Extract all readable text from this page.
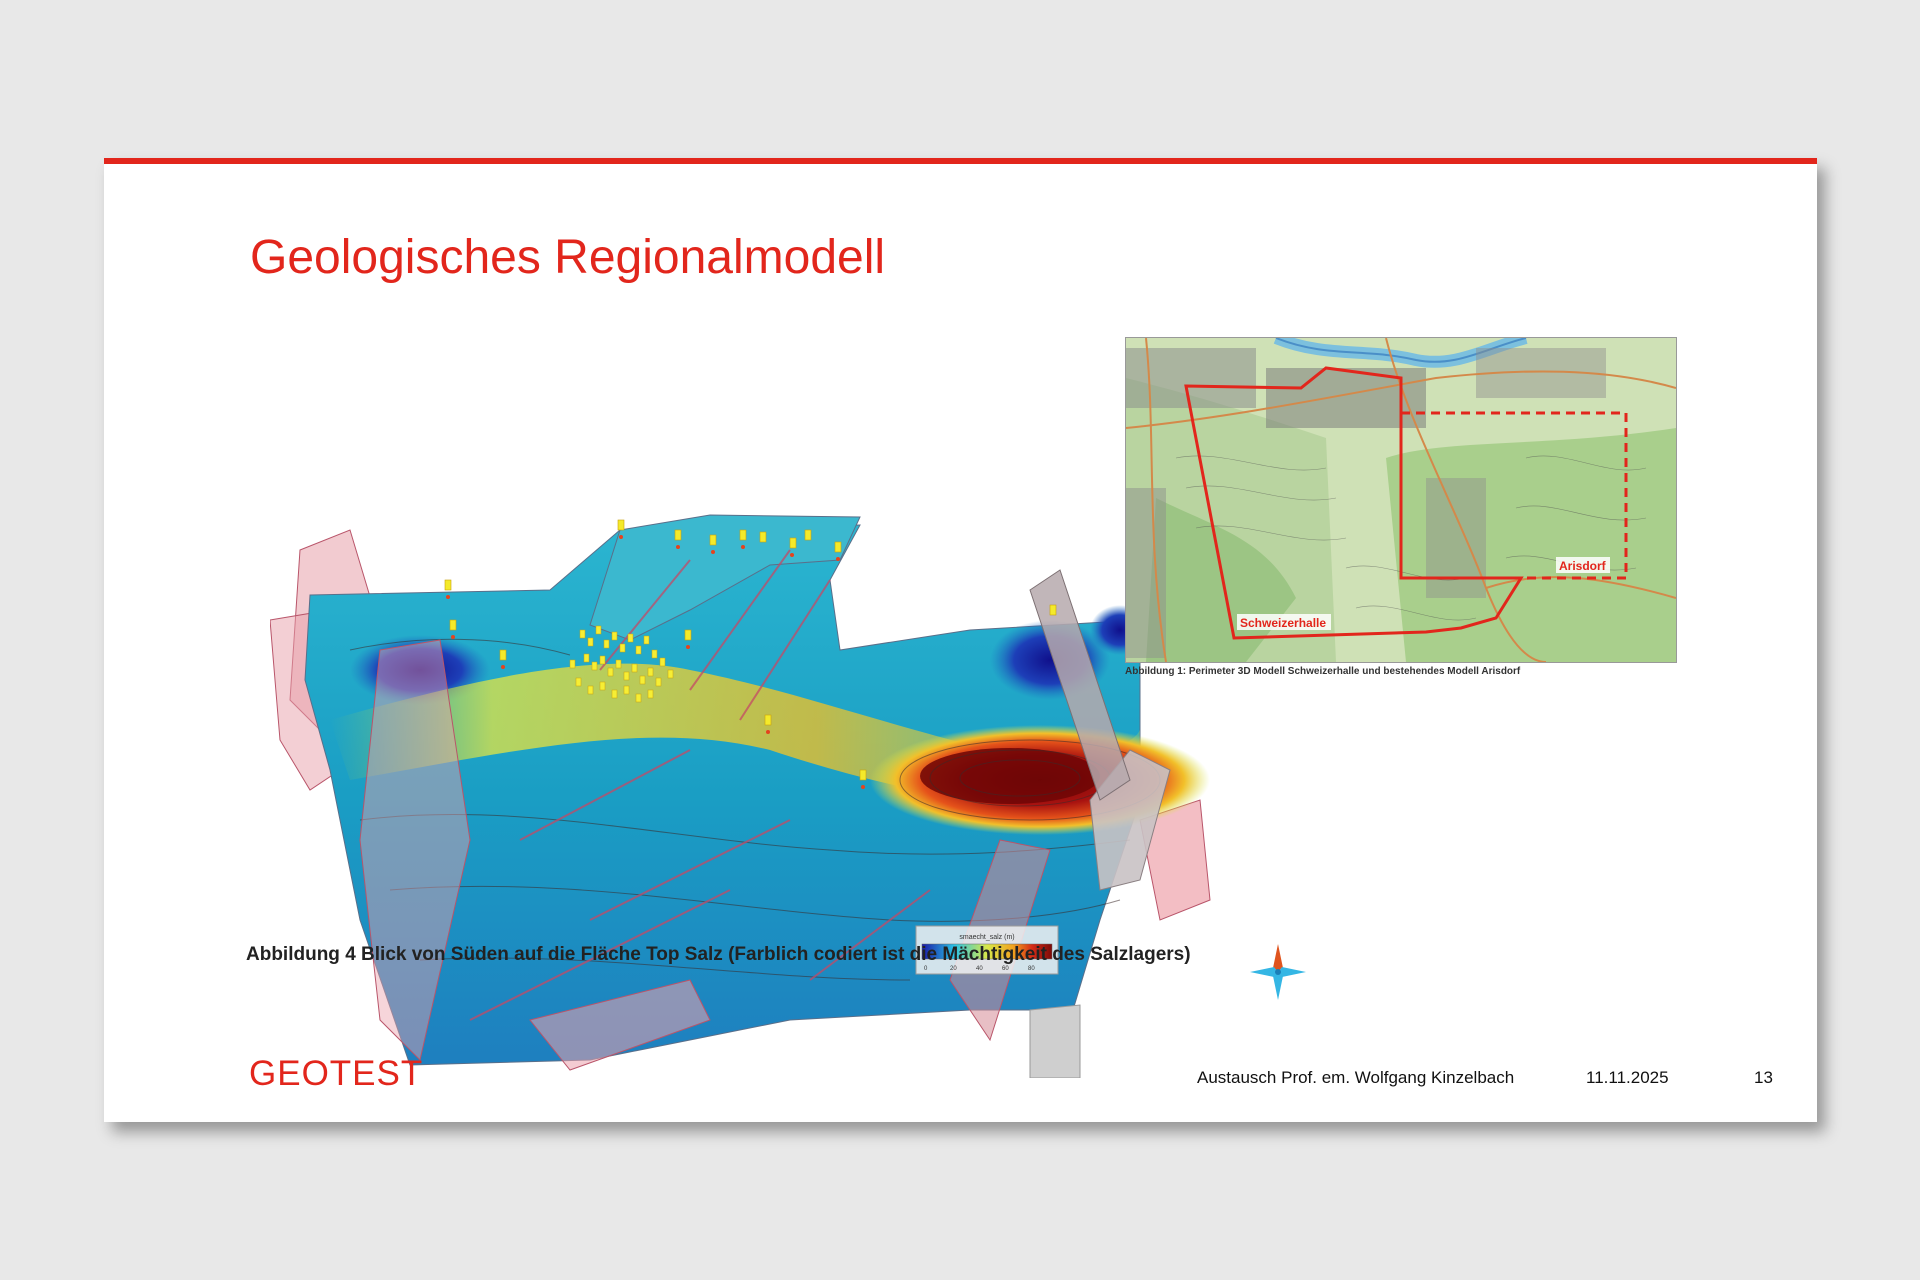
Geologisches Regionalmodell
smaecht_salz (m)
0	20	40	60	80
Schweizerhalle
Arisdorf
Abbildung 1: Perimeter 3D Modell Schweizerhalle und bestehendes Modell Arisdorf
Abbildung 4 Blick von Süden auf die Fläche Top Salz (Farblich codiert ist die Mächtigkeit des Salzlagers)
GEOTEST	Austausch Prof. em. Wolfgang Kinzelbach	11.11.2025	13
